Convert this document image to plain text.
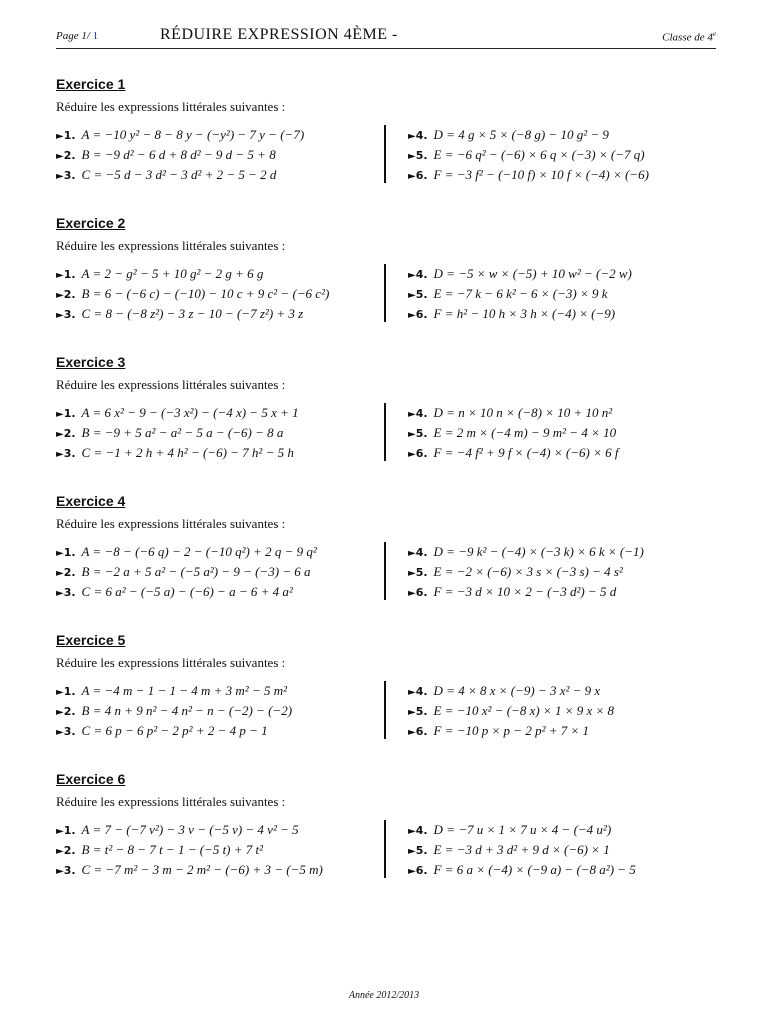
Page 1/ 1	RÉDUIRE EXPRESSION 4ÈME -	Classe de 4e
Exercice 1
Réduire les expressions littérales suivantes :
►1. A = −10 y² − 8 − 8 y − (−y²) − 7 y − (−7)
►2. B = −9 d² − 6 d + 8 d² − 9 d − 5 + 8
►3. C = −5 d − 3 d² − 3 d² + 2 − 5 − 2 d
►4. D = 4 g × 5 × (−8 g) − 10 g² − 9
►5. E = −6 q² − (−6) × 6 q × (−3) × (−7 q)
►6. F = −3 f² − (−10 f) × 10 f × (−4) × (−6)
Exercice 2
Réduire les expressions littérales suivantes :
►1. A = 2 − g² − 5 + 10 g² − 2 g + 6 g
►2. B = 6 − (−6 c) − (−10) − 10 c + 9 c² − (−6 c²)
►3. C = 8 − (−8 z²) − 3 z − 10 − (−7 z²) + 3 z
►4. D = −5 × w × (−5) + 10 w² − (−2 w)
►5. E = −7 k − 6 k² − 6 × (−3) × 9 k
►6. F = h² − 10 h × 3 h × (−4) × (−9)
Exercice 3
Réduire les expressions littérales suivantes :
►1. A = 6 x² − 9 − (−3 x²) − (−4 x) − 5 x + 1
►2. B = −9 + 5 a² − a² − 5 a − (−6) − 8 a
►3. C = −1 + 2 h + 4 h² − (−6) − 7 h² − 5 h
►4. D = n × 10 n × (−8) × 10 + 10 n²
►5. E = 2 m × (−4 m) − 9 m² − 4 × 10
►6. F = −4 f² + 9 f × (−4) × (−6) × 6 f
Exercice 4
Réduire les expressions littérales suivantes :
►1. A = −8 − (−6 q) − 2 − (−10 q²) + 2 q − 9 q²
►2. B = −2 a + 5 a² − (−5 a²) − 9 − (−3) − 6 a
►3. C = 6 a² − (−5 a) − (−6) − a − 6 + 4 a²
►4. D = −9 k² − (−4) × (−3 k) × 6 k × (−1)
►5. E = −2 × (−6) × 3 s × (−3 s) − 4 s²
►6. F = −3 d × 10 × 2 − (−3 d²) − 5 d
Exercice 5
Réduire les expressions littérales suivantes :
►1. A = −4 m − 1 − 1 − 4 m + 3 m² − 5 m²
►2. B = 4 n + 9 n² − 4 n² − n − (−2) − (−2)
►3. C = 6 p − 6 p² − 2 p² + 2 − 4 p − 1
►4. D = 4 × 8 x × (−9) − 3 x² − 9 x
►5. E = −10 x² − (−8 x) × 1 × 9 x × 8
►6. F = −10 p × p − 2 p² + 7 × 1
Exercice 6
Réduire les expressions littérales suivantes :
►1. A = 7 − (−7 v²) − 3 v − (−5 v) − 4 v² − 5
►2. B = t² − 8 − 7 t − 1 − (−5 t) + 7 t²
►3. C = −7 m² − 3 m − 2 m² − (−6) + 3 − (−5 m)
►4. D = −7 u × 1 × 7 u × 4 − (−4 u²)
►5. E = −3 d + 3 d² + 9 d × (−6) × 1
►6. F = 6 a × (−4) × (−9 a) − (−8 a²) − 5
Année 2012/2013
